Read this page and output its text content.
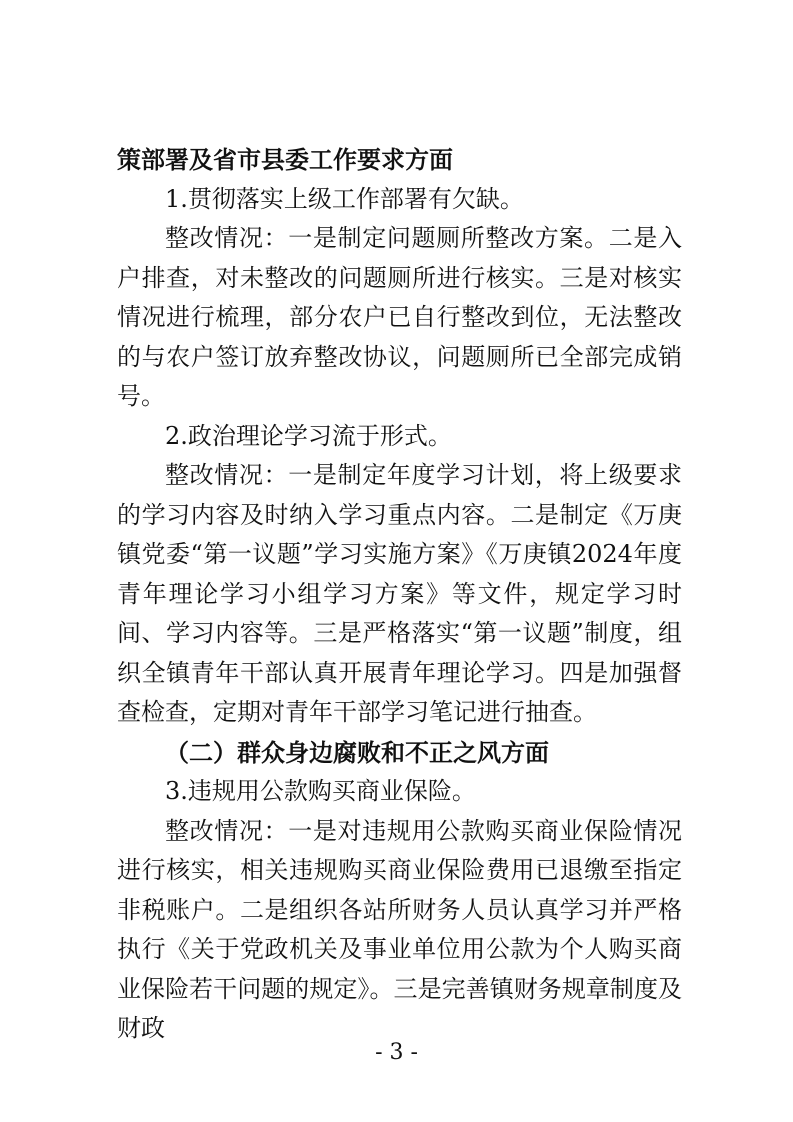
策部署及省市县委工作要求方面

1.贯彻落实上级工作部署有欠缺。

整改情况：一是制定问题厕所整改方案。二是入户排查，对未整改的问题厕所进行核实。三是对核实情况进行梳理，部分农户已自行整改到位，无法整改的与农户签订放弃整改协议，问题厕所已全部完成销号。

2.政治理论学习流于形式。

整改情况：一是制定年度学习计划，将上级要求的学习内容及时纳入学习重点内容。二是制定《万庚镇党委“第一议题”学习实施方案》《万庚镇2024年度青年理论学习小组学习方案》等文件，规定学习时间、学习内容等。三是严格落实“第一议题”制度，组织全镇青年干部认真开展青年理论学习。四是加强督查检查，定期对青年干部学习笔记进行抽查。

（二）群众身边腐败和不正之风方面

3.违规用公款购买商业保险。

整改情况：一是对违规用公款购买商业保险情况进行核实，相关违规购买商业保险费用已退缴至指定非税账户。二是组织各站所财务人员认真学习并严格执行《关于党政机关及事业单位用公款为个人购买商业保险若干问题的规定》。三是完善镇财务规章制度及财政

- 3 -
